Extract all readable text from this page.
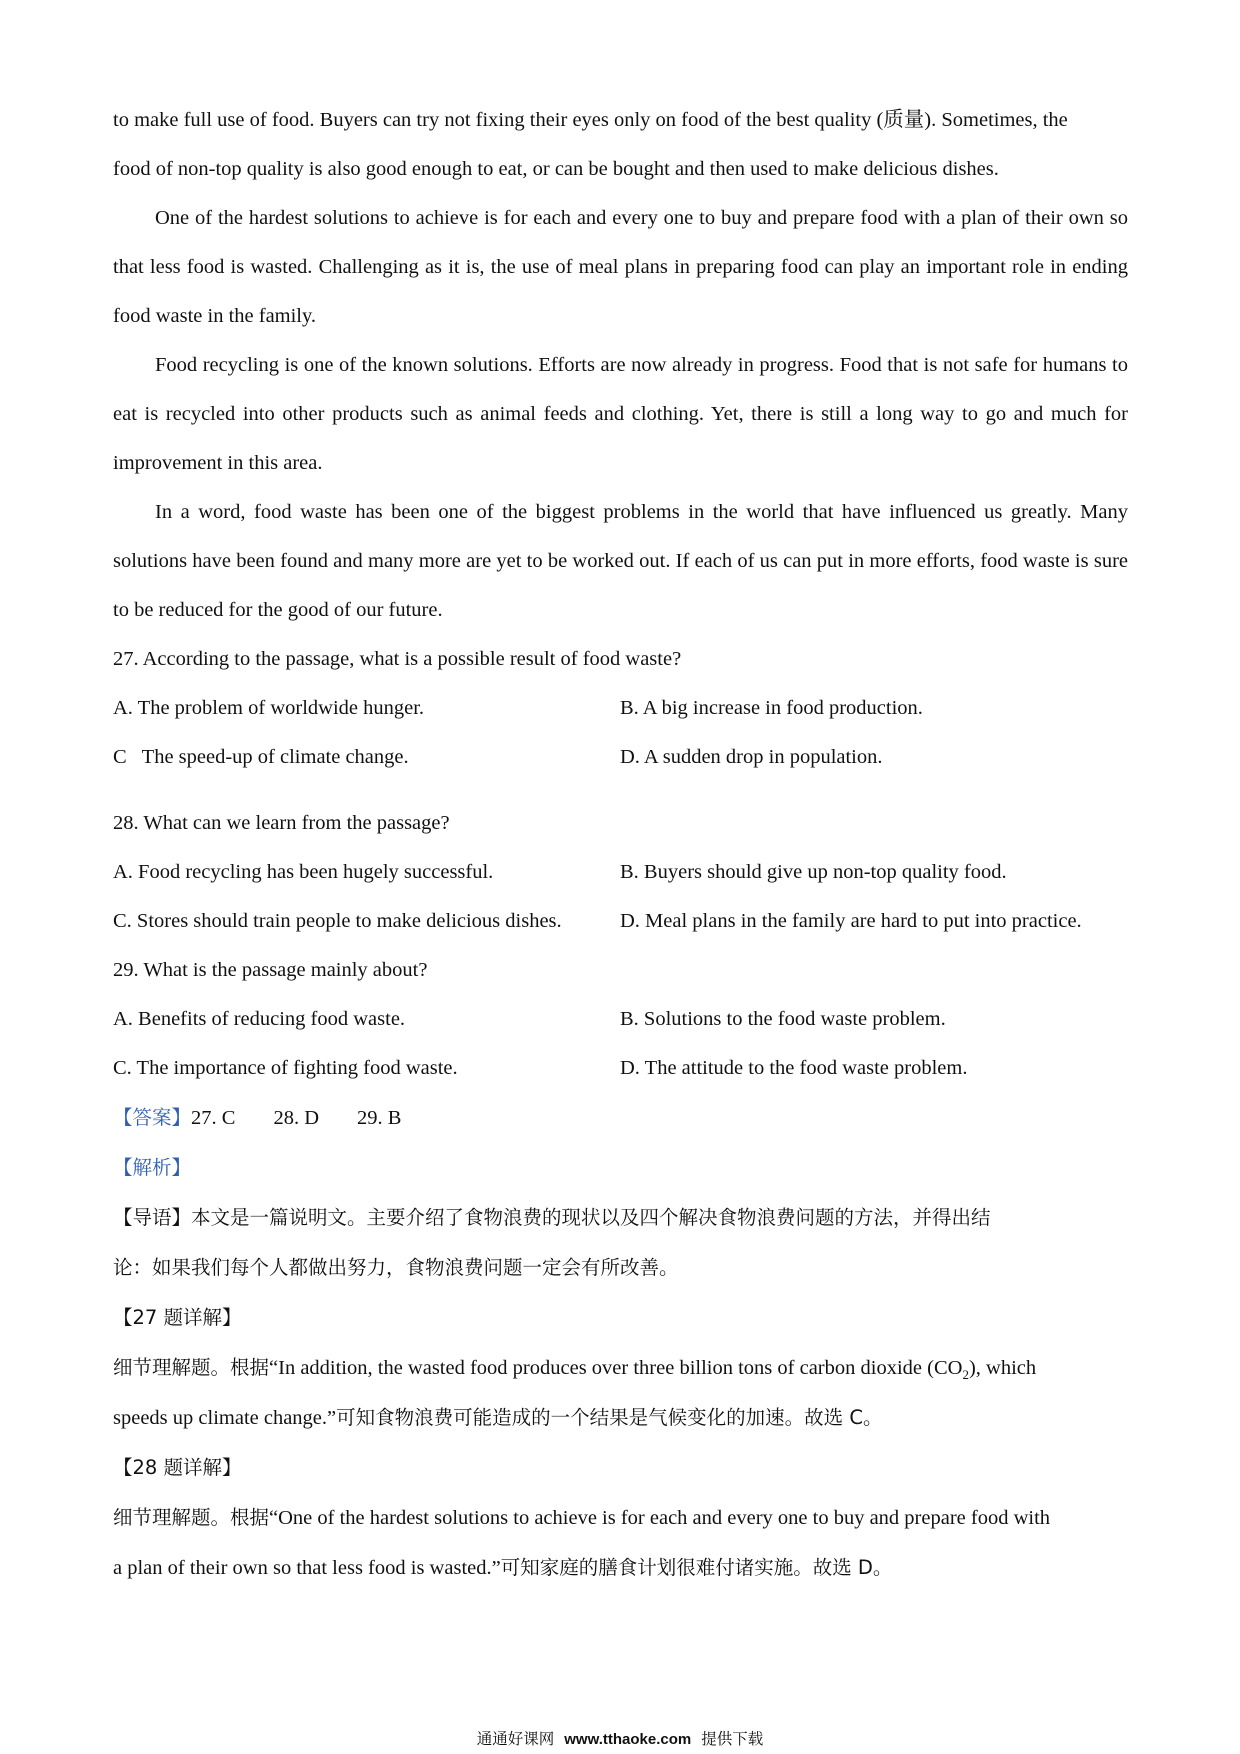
to make full use of food. Buyers can try not fixing their eyes only on food of the best quality (质量). Sometimes, the

food of non-top quality is also good enough to eat, or can be bought and then used to make delicious dishes.

One of the hardest solutions to achieve is for each and every one to buy and prepare food with a plan of their own so that less food is wasted. Challenging as it is, the use of meal plans in preparing food can play an important role in ending food waste in the family.

Food recycling is one of the known solutions. Efforts are now already in progress. Food that is not safe for humans to eat is recycled into other products such as animal feeds and clothing. Yet, there is still a long way to go and much for improvement in this area.

In a word, food waste has been one of the biggest problems in the world that have influenced us greatly. Many solutions have been found and many more are yet to be worked out. If each of us can put in more efforts, food waste is sure to be reduced for the good of our future.

27. According to the passage, what is a possible result of food waste?

A. The problem of worldwide hunger.	B. A big increase in food production.
C   The speed-up of climate change.	D. A sudden drop in population.

28. What can we learn from the passage?

A. Food recycling has been hugely successful.	B. Buyers should give up non-top quality food.
C. Stores should train people to make delicious dishes.	D. Meal plans in the family are hard to put into practice.

29. What is the passage mainly about?

A. Benefits of reducing food waste.	B. Solutions to the food waste problem.
C. The importance of fighting food waste.	D. The attitude to the food waste problem.

【答案】27. C 28. D 29. B

【解析】

【导语】本文是一篇说明文。主要介绍了食物浪费的现状以及四个解决食物浪费问题的方法，并得出结

论：如果我们每个人都做出努力，食物浪费问题一定会有所改善。

【27 题详解】

细节理解题。根据“In addition, the wasted food produces over three billion tons of carbon dioxide $(CO_2)$, which

speeds up climate change.”可知食物浪费可能造成的一个结果是气候变化的加速。故选 C。

【28 题详解】

细节理解题。根据“One of the hardest solutions to achieve is for each and every one to buy and prepare food with

a plan of their own so that less food is wasted.”可知家庭的膳食计划很难付诸实施。故选 D。

通通好课网 www.tthaoke.com 提供下载
